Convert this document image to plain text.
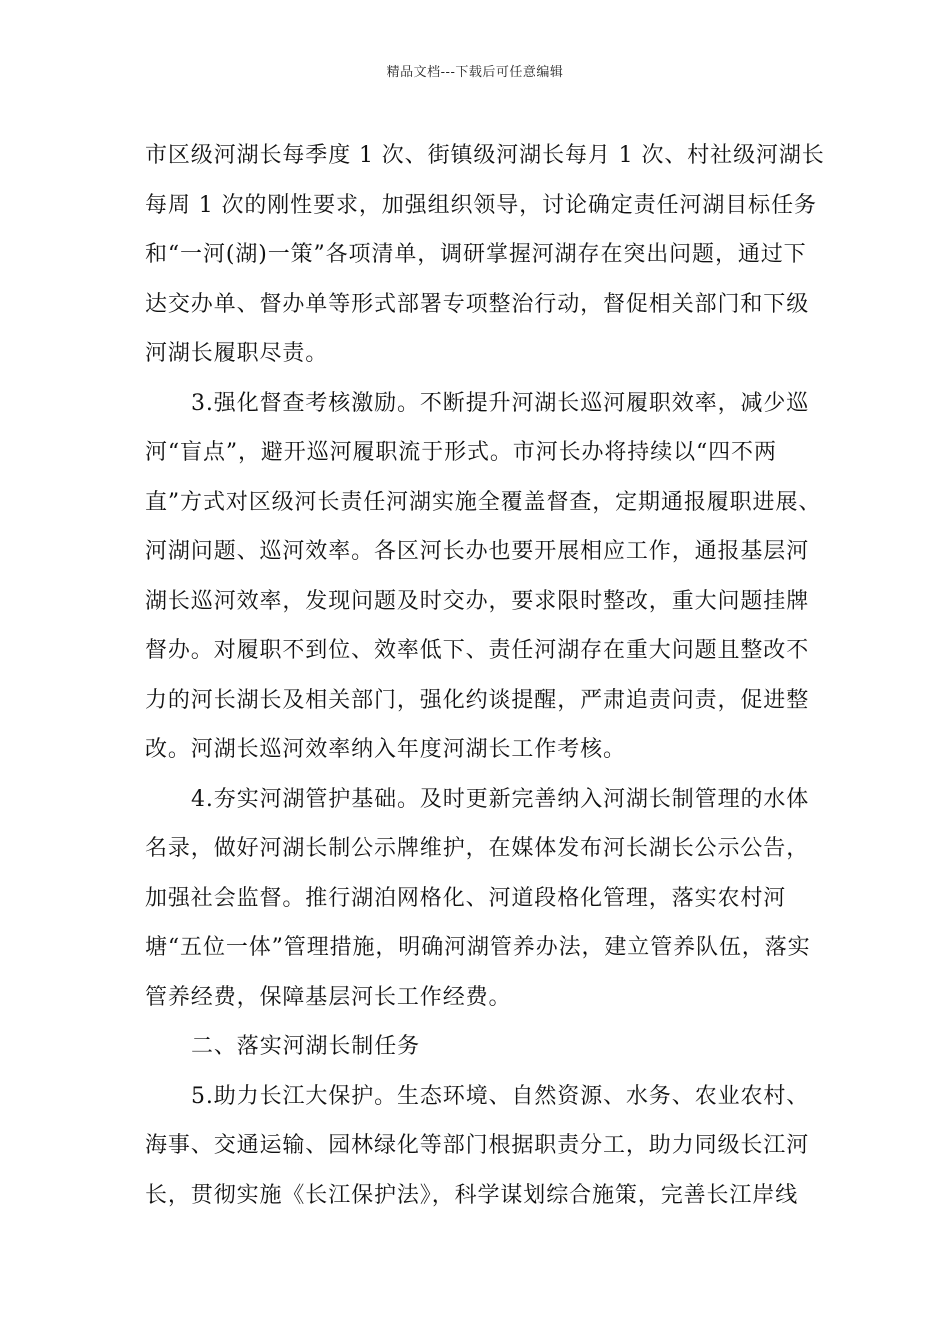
精品文档---下载后可任意编辑

市区级河湖长每季度 1 次、街镇级河湖长每月 1 次、村社级河湖长每周 1 次的刚性要求，加强组织领导，讨论确定责任河湖目标任务和“一河(湖)一策”各项清单，调研掌握河湖存在突出问题，通过下达交办单、督办单等形式部署专项整治行动，督促相关部门和下级河湖长履职尽责。

3.强化督查考核激励。不断提升河湖长巡河履职效率，减少巡河“盲点”，避开巡河履职流于形式。市河长办将持续以“四不两直”方式对区级河长责任河湖实施全覆盖督查，定期通报履职进展、河湖问题、巡河效率。各区河长办也要开展相应工作，通报基层河湖长巡河效率，发现问题及时交办，要求限时整改，重大问题挂牌督办。对履职不到位、效率低下、责任河湖存在重大问题且整改不力的河长湖长及相关部门，强化约谈提醒，严肃追责问责，促进整改。河湖长巡河效率纳入年度河湖长工作考核。

4.夯实河湖管护基础。及时更新完善纳入河湖长制管理的水体名录，做好河湖长制公示牌维护，在媒体发布河长湖长公示公告，加强社会监督。推行湖泊网格化、河道段格化管理，落实农村河塘“五位一体”管理措施，明确河湖管养办法，建立管养队伍，落实管养经费，保障基层河长工作经费。

二、落实河湖长制任务

5.助力长江大保护。生态环境、自然资源、水务、农业农村、海事、交通运输、园林绿化等部门根据职责分工，助力同级长江河长，贯彻实施《长江保护法》，科学谋划综合施策，完善长江岸线
